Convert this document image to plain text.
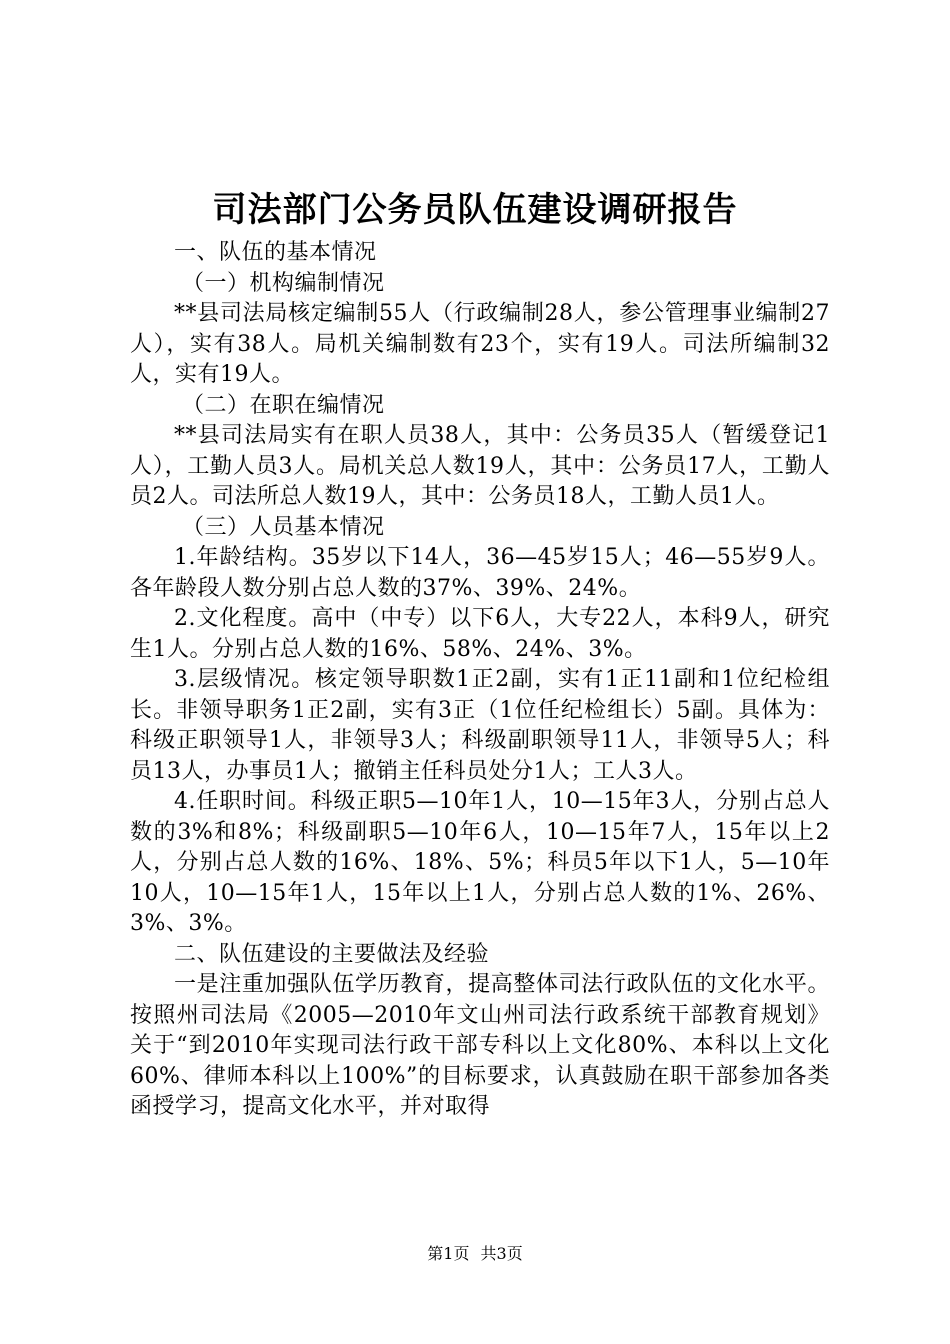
司法部门公务员队伍建设调研报告

一、队伍的基本情况

（一）机构编制情况

**县司法局核定编制55人（行政编制28人，参公管理事业编制27人），实有38人。局机关编制数有23个，实有19人。司法所编制32人，实有19人。

（二）在职在编情况

**县司法局实有在职人员38人，其中：公务员35人（暂缓登记1人），工勤人员3人。局机关总人数19人，其中：公务员17人，工勤人员2人。司法所总人数19人，其中：公务员18人，工勤人员1人。

（三）人员基本情况

1.年龄结构。35岁以下14人，36—45岁15人；46—55岁9人。各年龄段人数分别占总人数的37%、39%、24%。

2.文化程度。高中（中专）以下6人，大专22人，本科9人，研究生1人。分别占总人数的16%、58%、24%、3%。

3.层级情况。核定领导职数1正2副，实有1正11副和1位纪检组长。非领导职务1正2副，实有3正（1位任纪检组长）5副。具体为：科级正职领导1人，非领导3人；科级副职领导11人，非领导5人；科员13人，办事员1人；撤销主任科员处分1人；工人3人。

4.任职时间。科级正职5—10年1人，10—15年3人，分别占总人数的3%和8%；科级副职5—10年6人，10—15年7人，15年以上2人，分别占总人数的16%、18%、5%；科员5年以下1人，5—10年10人，10—15年1人，15年以上1人，分别占总人数的1%、26%、3%、3%。

二、队伍建设的主要做法及经验

一是注重加强队伍学历教育，提高整体司法行政队伍的文化水平。按照州司法局《2005—2010年文山州司法行政系统干部教育规划》关于“到2010年实现司法行政干部专科以上文化80%、本科以上文化60%、律师本科以上100%”的目标要求，认真鼓励在职干部参加各类函授学习，提高文化水平，并对取得

第1页 共3页
